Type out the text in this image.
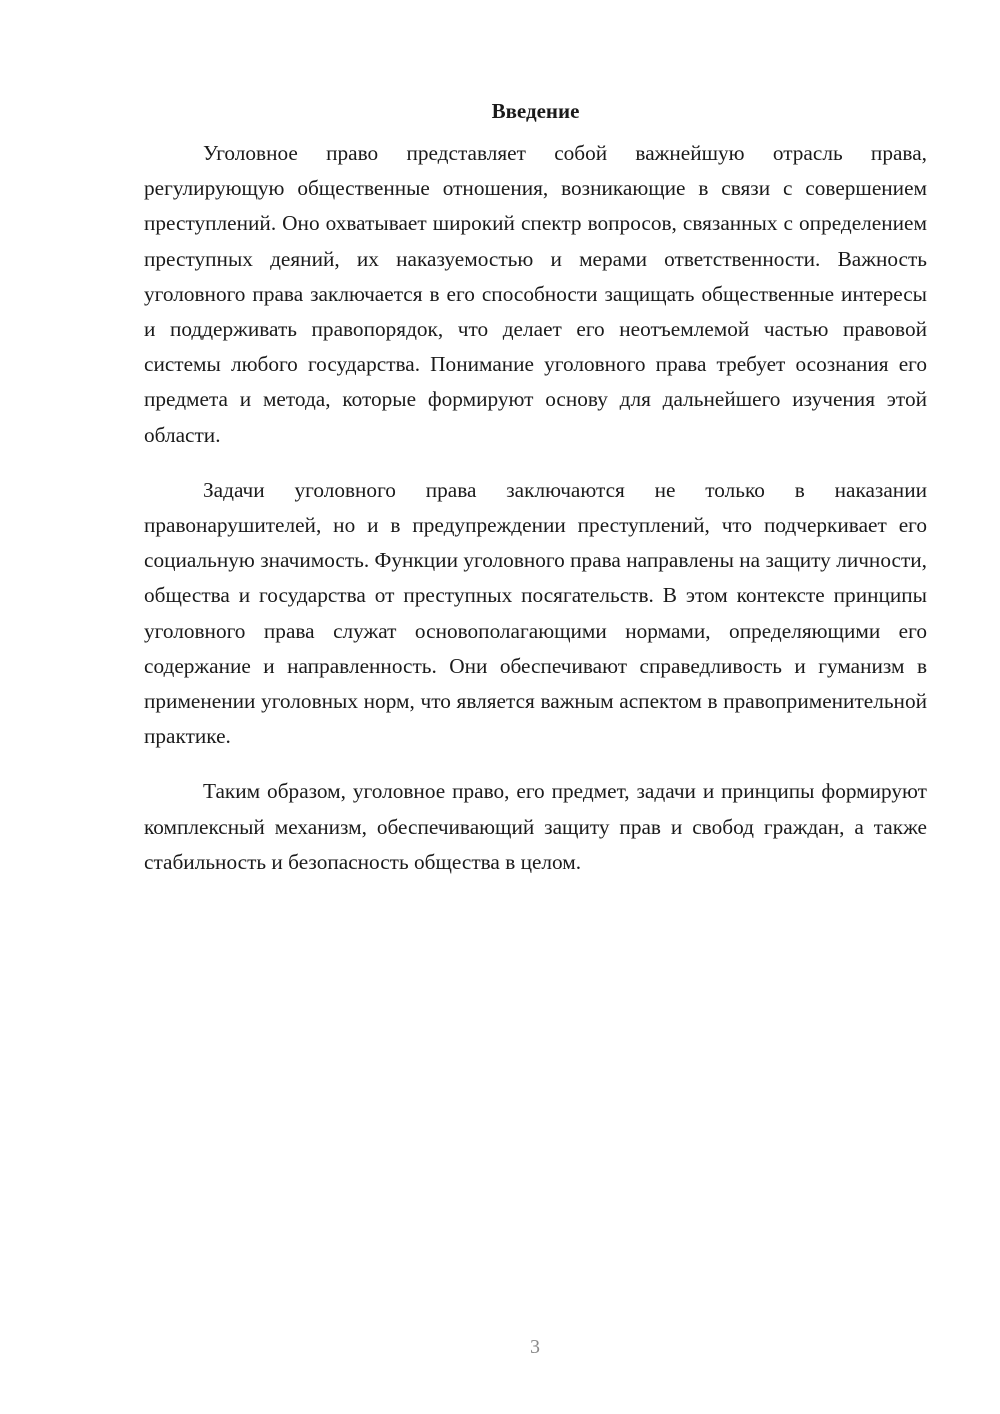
Введение

Уголовное право представляет собой важнейшую отрасль права, регулирующую общественные отношения, возникающие в связи с совершением преступлений. Оно охватывает широкий спектр вопросов, связанных с определением преступных деяний, их наказуемостью и мерами ответственности. Важность уголовного права заключается в его способности защищать общественные интересы и поддерживать правопорядок, что делает его неотъемлемой частью правовой системы любого государства. Понимание уголовного права требует осознания его предмета и метода, которые формируют основу для дальнейшего изучения этой области.

Задачи уголовного права заключаются не только в наказании правонарушителей, но и в предупреждении преступлений, что подчеркивает его социальную значимость. Функции уголовного права направлены на защиту личности, общества и государства от преступных посягательств. В этом контексте принципы уголовного права служат основополагающими нормами, определяющими его содержание и направленность. Они обеспечивают справедливость и гуманизм в применении уголовных норм, что является важным аспектом в правоприменительной практике.

Таким образом, уголовное право, его предмет, задачи и принципы формируют комплексный механизм, обеспечивающий защиту прав и свобод граждан, а также стабильность и безопасность общества в целом.

3
